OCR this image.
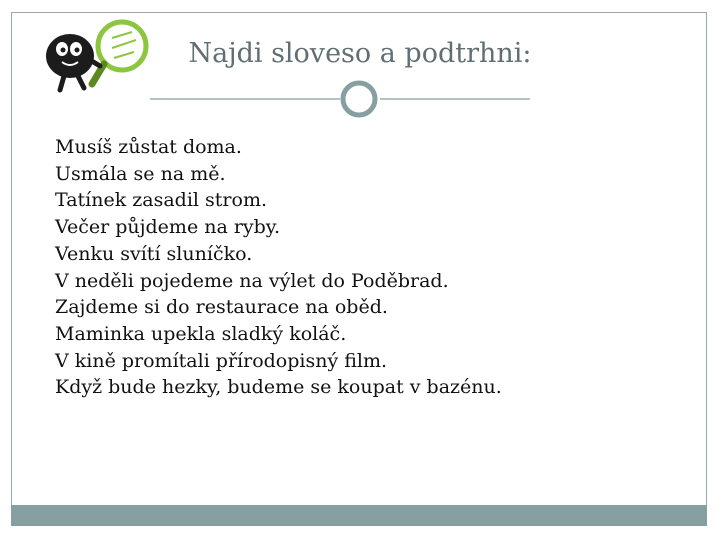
Najdi sloveso a podtrhni:
Musíš zůstat doma.
Usmála se na mě.
Tatínek zasadil strom.
Večer půjdeme na ryby.
Venku svítí sluníčko.
V neděli pojedeme na výlet do Poděbrad.
Zajdeme si do restaurace na oběd.
Maminka upekla sladký koláč.
V kině promítali přírodopisný film.
Když bude hezky, budeme se koupat v bazénu.
